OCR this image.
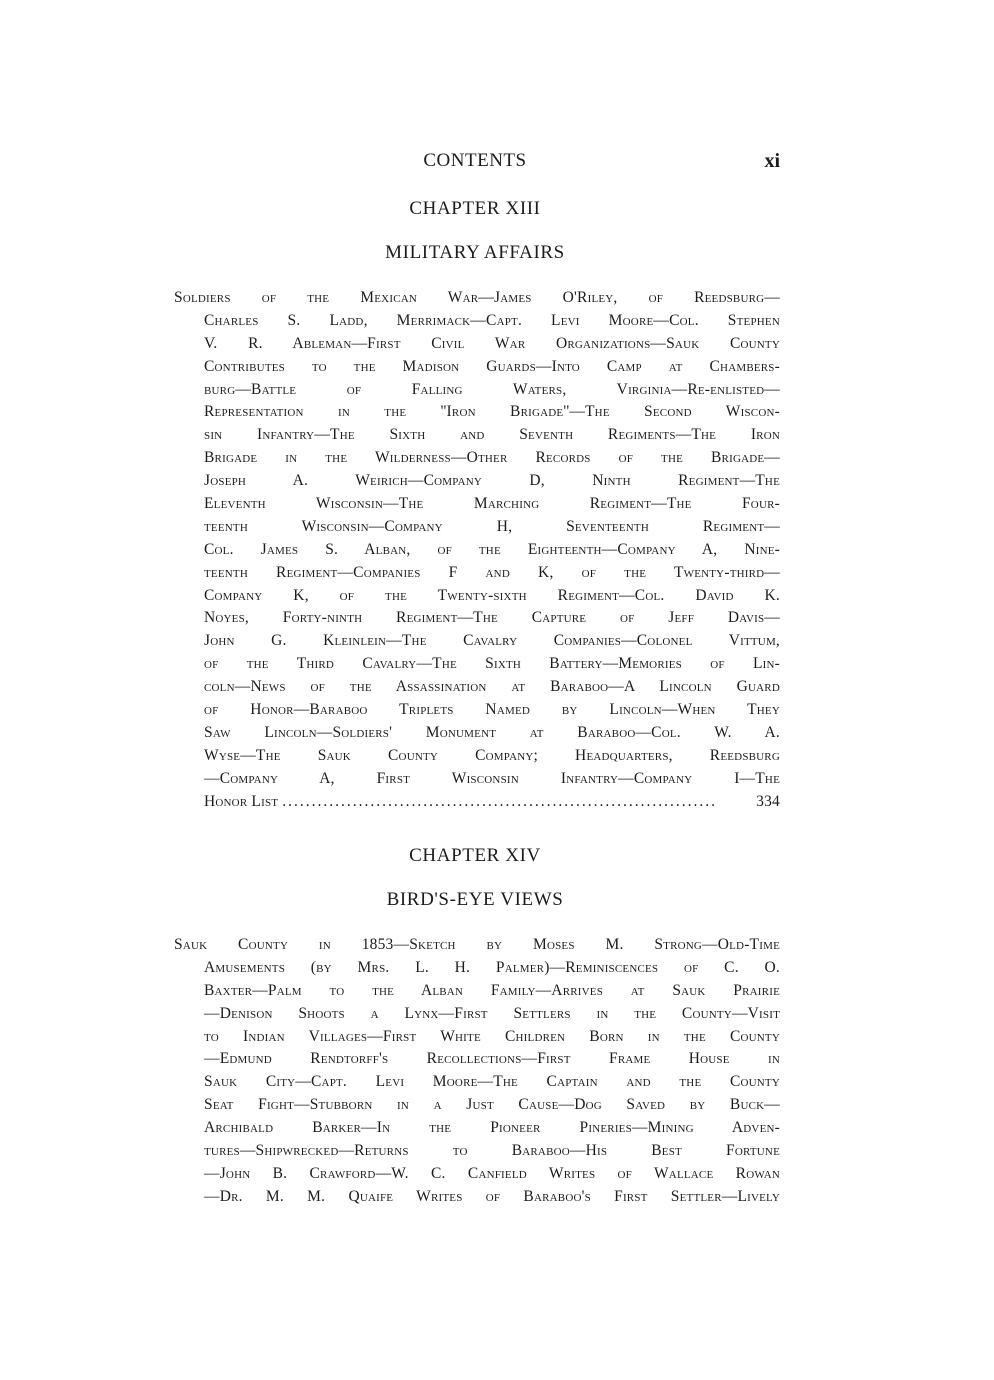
CONTENTS	xi
CHAPTER XIII
MILITARY AFFAIRS
Soldiers of the Mexican War—James O'Riley, of Reedsburg—
Charles S. Ladd, Merrimack—Capt. Levi Moore—Col. Stephen
V. R. Ableman—First Civil War Organizations—Sauk County
Contributes to the Madison Guards—Into Camp at Chambers-
burg—Battle of Falling Waters, Virginia—Re-enlisted—
Representation in the ''Iron Brigade''—The Second Wiscon-
sin Infantry—The Sixth and Seventh Regiments—The Iron
Brigade in the Wilderness—Other Records of the Brigade—
Joseph A. Weirich—Company D, Ninth Regiment—The
Eleventh Wisconsin—The Marching Regiment—The Four-
teenth Wisconsin—Company H, Seventeenth Regiment—
Col. James S. Alban, of the Eighteenth—Company A, Nine-
teenth Regiment—Companies F and K, of the Twenty-third—
Company K, of the Twenty-sixth Regiment—Col. David K.
Noyes, Forty-ninth Regiment—The Capture of Jeff Davis—
John G. Kleinlein—The Cavalry Companies—Colonel Vittum,
of the Third Cavalry—The Sixth Battery—Memories of Lin-
coln—News of the Assassination at Baraboo—A Lincoln Guard
of Honor—Baraboo Triplets Named by Lincoln—When They
Saw Lincoln—Soldiers' Monument at Baraboo—Col. W. A.
Wyse—The Sauk County Company; Headquarters, Reedsburg
—Company A, First Wisconsin Infantry—Company I—The
Honor List ..........................................................................	334
CHAPTER XIV
BIRD'S-EYE VIEWS
Sauk County in 1853—Sketch by Moses M. Strong—Old-Time
Amusements (by Mrs. L. H. Palmer)—Reminiscences of C. O.
Baxter—Palm to the Alban Family—Arrives at Sauk Prairie
—Denison Shoots a Lynx—First Settlers in the County—Visit
to Indian Villages—First White Children Born in the County
—Edmund Rendtorff's Recollections—First Frame House in
Sauk City—Capt. Levi Moore—The Captain and the County
Seat Fight—Stubborn in a Just Cause—Dog Saved by Buck—
Archibald Barker—In the Pioneer Pineries—Mining Adven-
tures—Shipwrecked—Returns to Baraboo—His Best Fortune
—John B. Crawford—W. C. Canfield Writes of Wallace Rowan
—Dr. M. M. Quaife Writes of Baraboo's First Settler—Lively
